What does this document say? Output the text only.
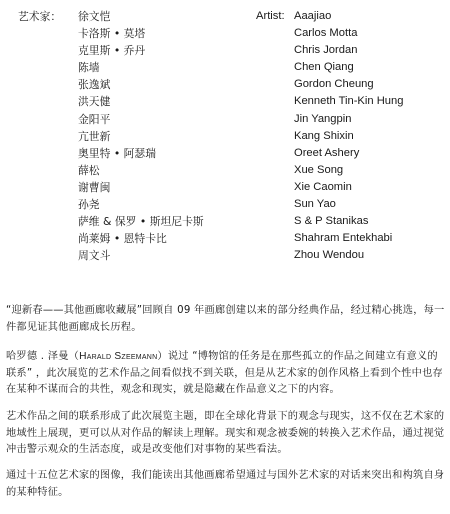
艺术家：	徐文恺
卡洛斯 • 莫塔
克里斯 • 乔丹
陈墙
张逸斌
洪天健
金阳平
亢世新
奥里特 • 阿瑟瑞
薛松
谢曹闽
孙尧
萨维 & 保罗 • 斯坦尼卡斯
尚莱姆 • 恩特卡比
周文斗
Artist: Aaajiao
Carlos Motta
Chris Jordan
Chen Qiang
Gordon Cheung
Kenneth Tin-Kin Hung
Jin Yangpin
Kang Shixin
Oreet Ashery
Xue Song
Xie Caomin
Sun Yao
S & P Stanikas
Shahram Entekhabi
Zhou Wendou
“迎新春——其他画廊收藏展”回顾自 09 年画廊创建以来的部分经典作品，经过精心挑选，每一件都见证其他画廊成长历程。
哈罗德 . 泽曼（Harald Szeemann）说过 “博物馆的任务是在那些孤立的作品之间建立有意义的联系” ，此次展览的艺术作品之间看似找不到关联，但是从艺术家的创作风格上看到个性中也存在某种不谋而合的共性，观念和现实，就是隐藏在作品意义之下的内容。
艺术作品之间的联系形成了此次展览主题，即在全球化背景下的观念与现实，这不仅在艺术家的地域性上展现，更可以从对作品的解读上理解。现实和观念被委婉的转换入艺术作品，通过视觉冲击警示观众的生活态度，或是改变他们对事物的某些看法。
通过十五位艺术家的图像，我们能读出其他画廊希望通过与国外艺术家的对话来突出和构筑自身的某种特征。
